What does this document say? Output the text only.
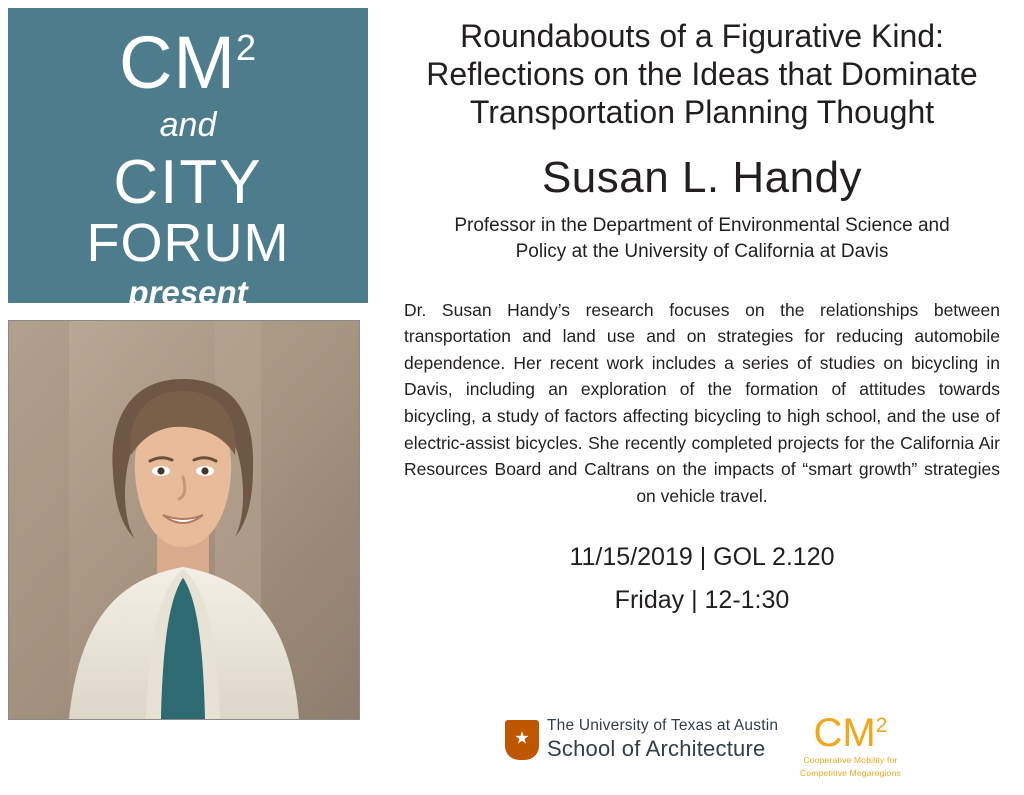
CM 2
and
CITY
FORUM
present
Roundabouts of a Figurative Kind: Reflections on the Ideas that Dominate Transportation Planning Thought
Susan L. Handy
Professor in the Department of Environmental Science and Policy at the University of California at Davis
Dr. Susan Handy’s research focuses on the relationships between transportation and land use and on strategies for reducing automobile dependence. Her recent work includes a series of studies on bicycling in Davis, including an exploration of the formation of attitudes towards bicycling, a study of factors affecting bicycling to high school, and the use of electric-assist bicycles. She recently completed projects for the California Air Resources Board and Caltrans on the impacts of “smart growth” strategies on vehicle travel.
11/15/2019 | GOL 2.120
Friday | 12-1:30
★
The University of Texas at Austin
School of Architecture	CM 2
Cooperative Mobility for
Competitive Megaregions
